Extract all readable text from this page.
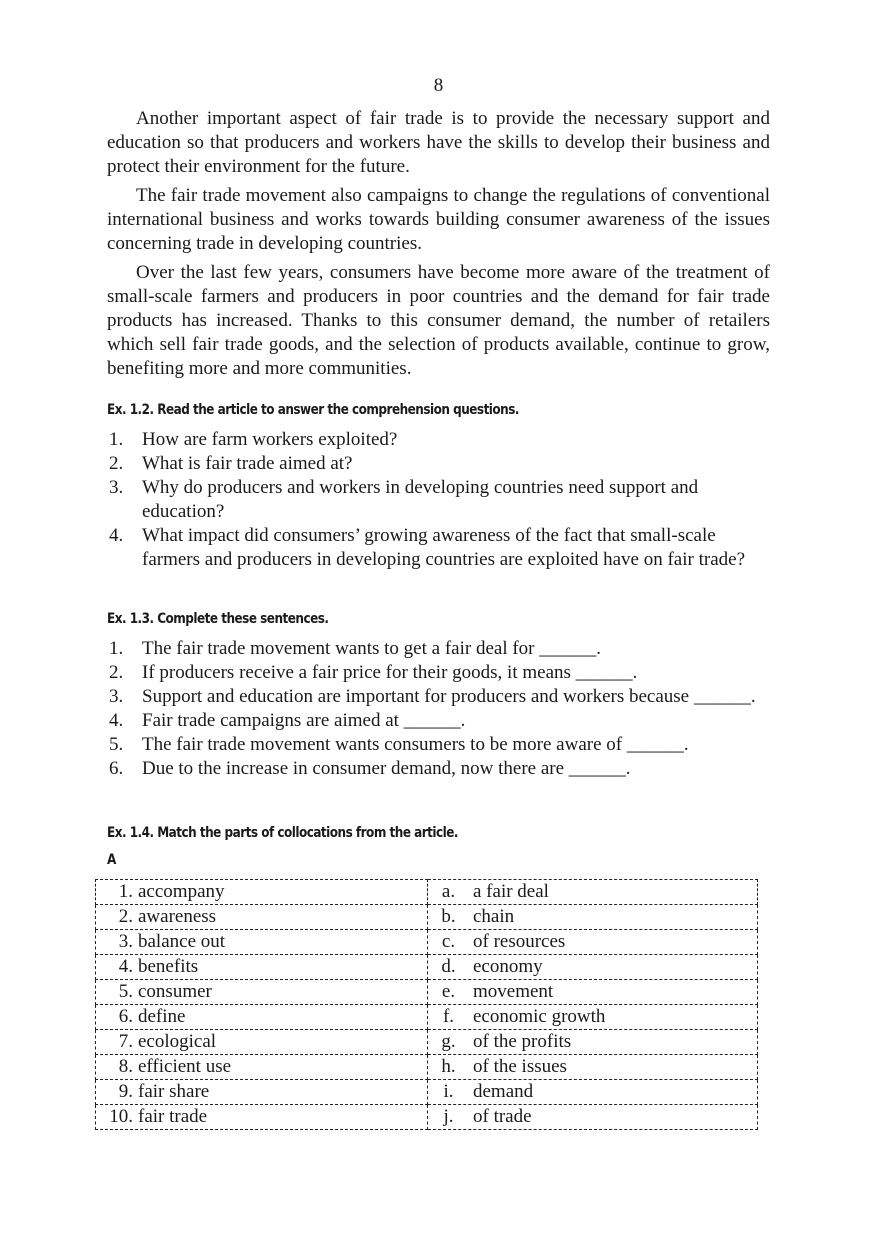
8

Another important aspect of fair trade is to provide the necessary support and education so that producers and workers have the skills to develop their business and protect their environment for the future.

The fair trade movement also campaigns to change the regulations of conventional international business and works towards building consumer awareness of the issues concerning trade in developing countries.

Over the last few years, consumers have become more aware of the treatment of small-scale farmers and producers in poor countries and the demand for fair trade products has increased. Thanks to this consumer demand, the number of retailers which sell fair trade goods, and the selection of products available, continue to grow, benefiting more and more communities.

Ex. 1.2. Read the article to answer the comprehension questions.
1. How are farm workers exploited?
2. What is fair trade aimed at?
3. Why do producers and workers in developing countries need support and education?
4. What impact did consumers’ growing awareness of the fact that small-scale farmers and producers in developing countries are exploited have on fair trade?
Ex. 1.3. Complete these sentences.
1. The fair trade movement wants to get a fair deal for ______.
2. If producers receive a fair price for their goods, it means ______.
3. Support and education are important for producers and workers because ______.
4. Fair trade campaigns are aimed at ______.
5. The fair trade movement wants consumers to be more aware of ______.
6. Due to the increase in consumer demand, now there are ______.
Ex. 1.4. Match the parts of collocations from the article.
A
1. accompany	a. a fair deal

2. awareness	b. chain

3. balance out	c. of resources

4. benefits	d. economy

5. consumer	e. movement

6. define	f. economic growth

7. ecological	g. of the profits

8. efficient use	h. of the issues

9. fair share	i. demand

10. fair trade	j. of trade
